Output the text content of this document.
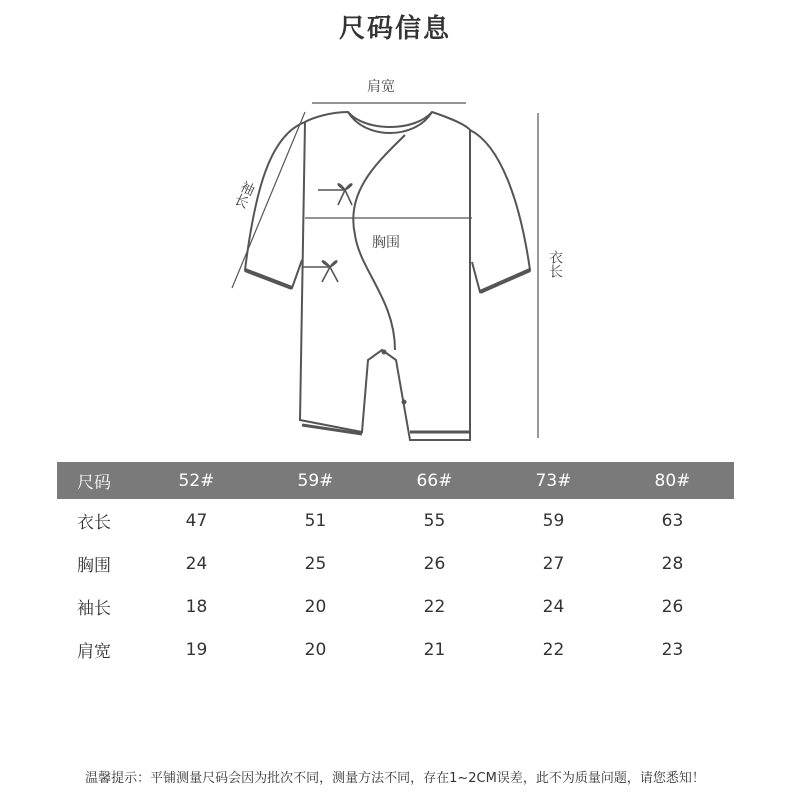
尺码信息
肩宽
袖长
胸围
衣长
尺码	52#	59#	66#	73#	80#
衣长	47	51	55	59	63
胸围	24	25	26	27	28
袖长	18	20	22	24	26
肩宽	19	20	21	22	23
温馨提示：平铺测量尺码会因为批次不同，测量方法不同，存在1~2CM误差，此不为质量问题，请您悉知！
